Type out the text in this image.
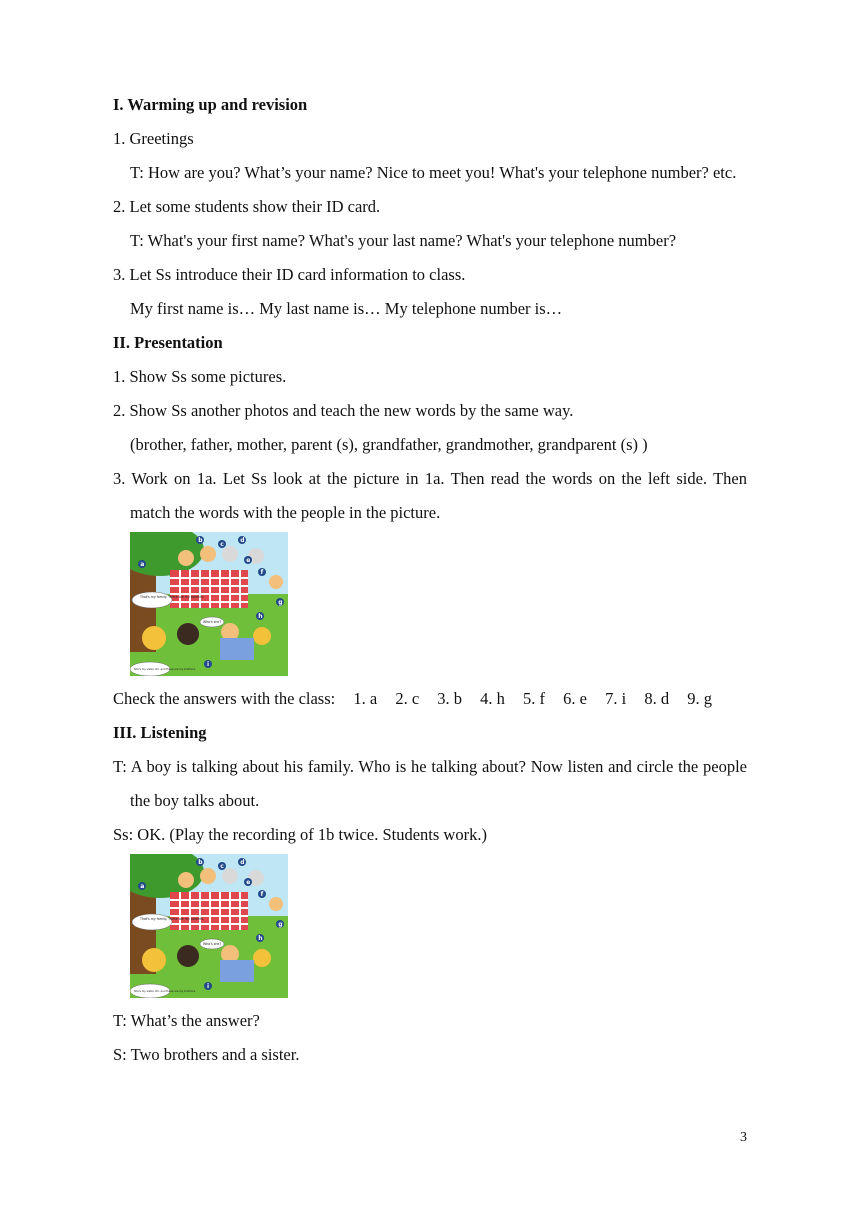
I. Warming up and revision
1. Greetings
T: How are you? What’s your name? Nice to meet you! What's your telephone number? etc.
2. Let some students show their ID card.
T: What's your first name? What's your last name? What's your telephone number?
3. Let Ss introduce their ID card information to class.
My first name is… My last name is… My telephone number is…
II. Presentation
1. Show Ss some pictures.
2. Show Ss another photos and teach the new words by the same way.
(brother, father, mother, parent (s), grandfather, grandmother, grandparent (s) )
3. Work on 1a. Let Ss look at the picture in 1a. Then read the words on the left side. Then match the words with the people in the picture.
That's my family. These are my parents.
Who's she?
She's my sister. Oh, and these are my brothers.
a
b	d
c
e
f
g
h
i
Check the answers with the class: 1. a 2. c 3. b 4. h 5. f 6. e 7. i 8. d 9. g
III. Listening
T: A boy is talking about his family. Who is he talking about? Now listen and circle the people the boy talks about.
Ss: OK. (Play the recording of 1b twice. Students work.)
That's my family. These are my parents.
Who's she?
She's my sister. Oh, and these are my brothers.
a
b
c
d
e
f
g
h
i
T: What’s the answer?
S: Two brothers and a sister.
3
